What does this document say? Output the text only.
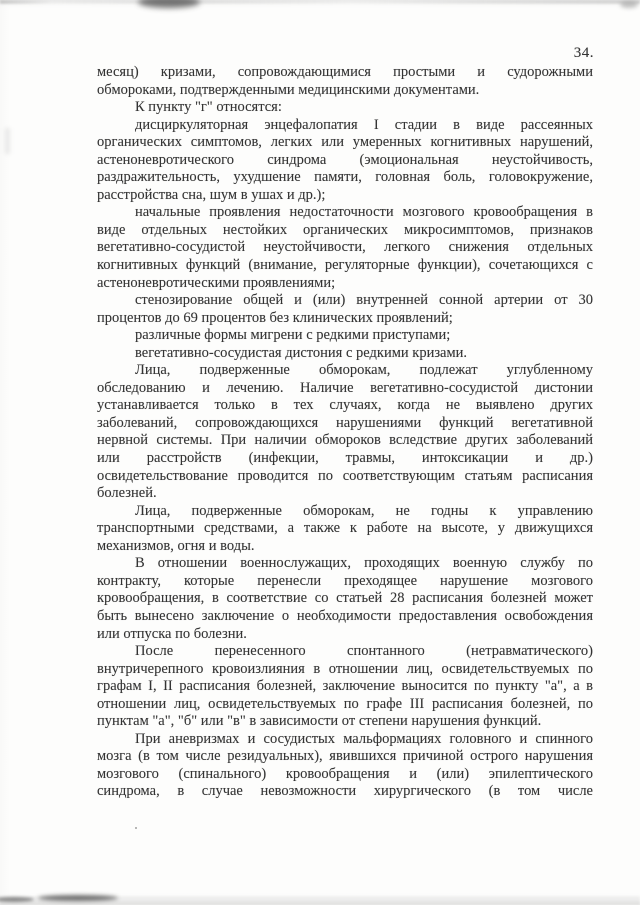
34.
месяц) кризами, сопровождающимися простыми и судорожными
обмороками, подтвержденными медицинскими документами.
К пункту "г" относятся:
дисциркуляторная энцефалопатия I стадии в виде рассеянных
органических симптомов, легких или умеренных когнитивных нарушений,
астеноневротического синдрома (эмоциональная неустойчивость,
раздражительность, ухудшение памяти, головная боль, головокружение,
расстройства сна, шум в ушах и др.);
начальные проявления недостаточности мозгового кровообращения в
виде отдельных нестойких органических микросимптомов, признаков
вегетативно-сосудистой неустойчивости, легкого снижения отдельных
когнитивных функций (внимание, регуляторные функции), сочетающихся с
астеноневротическими проявлениями;
стенозирование общей и (или) внутренней сонной артерии от 30
процентов до 69 процентов без клинических проявлений;
различные формы мигрени с редкими приступами;
вегетативно-сосудистая дистония с редкими кризами.
Лица, подверженные обморокам, подлежат углубленному
обследованию и лечению. Наличие вегетативно-сосудистой дистонии
устанавливается только в тех случаях, когда не выявлено других
заболеваний, сопровождающихся нарушениями функций вегетативной
нервной системы. При наличии обмороков вследствие других заболеваний
или расстройств (инфекции, травмы, интоксикации и др.)
освидетельствование проводится по соответствующим статьям расписания
болезней.
Лица, подверженные обморокам, не годны к управлению
транспортными средствами, а также к работе на высоте, у движущихся
механизмов, огня и воды.
В отношении военнослужащих, проходящих военную службу по
контракту, которые перенесли преходящее нарушение мозгового
кровообращения, в соответствие со статьей 28 расписания болезней может
быть вынесено заключение о необходимости предоставления освобождения
или отпуска по болезни.
После перенесенного спонтанного (нетравматического)
внутричерепного кровоизлияния в отношении лиц, освидетельствуемых по
графам I, II расписания болезней, заключение выносится по пункту "а", а в
отношении лиц, освидетельствуемых по графе III расписания болезней, по
пунктам "а", "б" или "в" в зависимости от степени нарушения функций.
При аневризмах и сосудистых мальформациях головного и спинного
мозга (в том числе резидуальных), явившихся причиной острого нарушения
мозгового (спинального) кровообращения и (или) эпилептического
синдрома, в случае невозможности хирургического (в том числе
